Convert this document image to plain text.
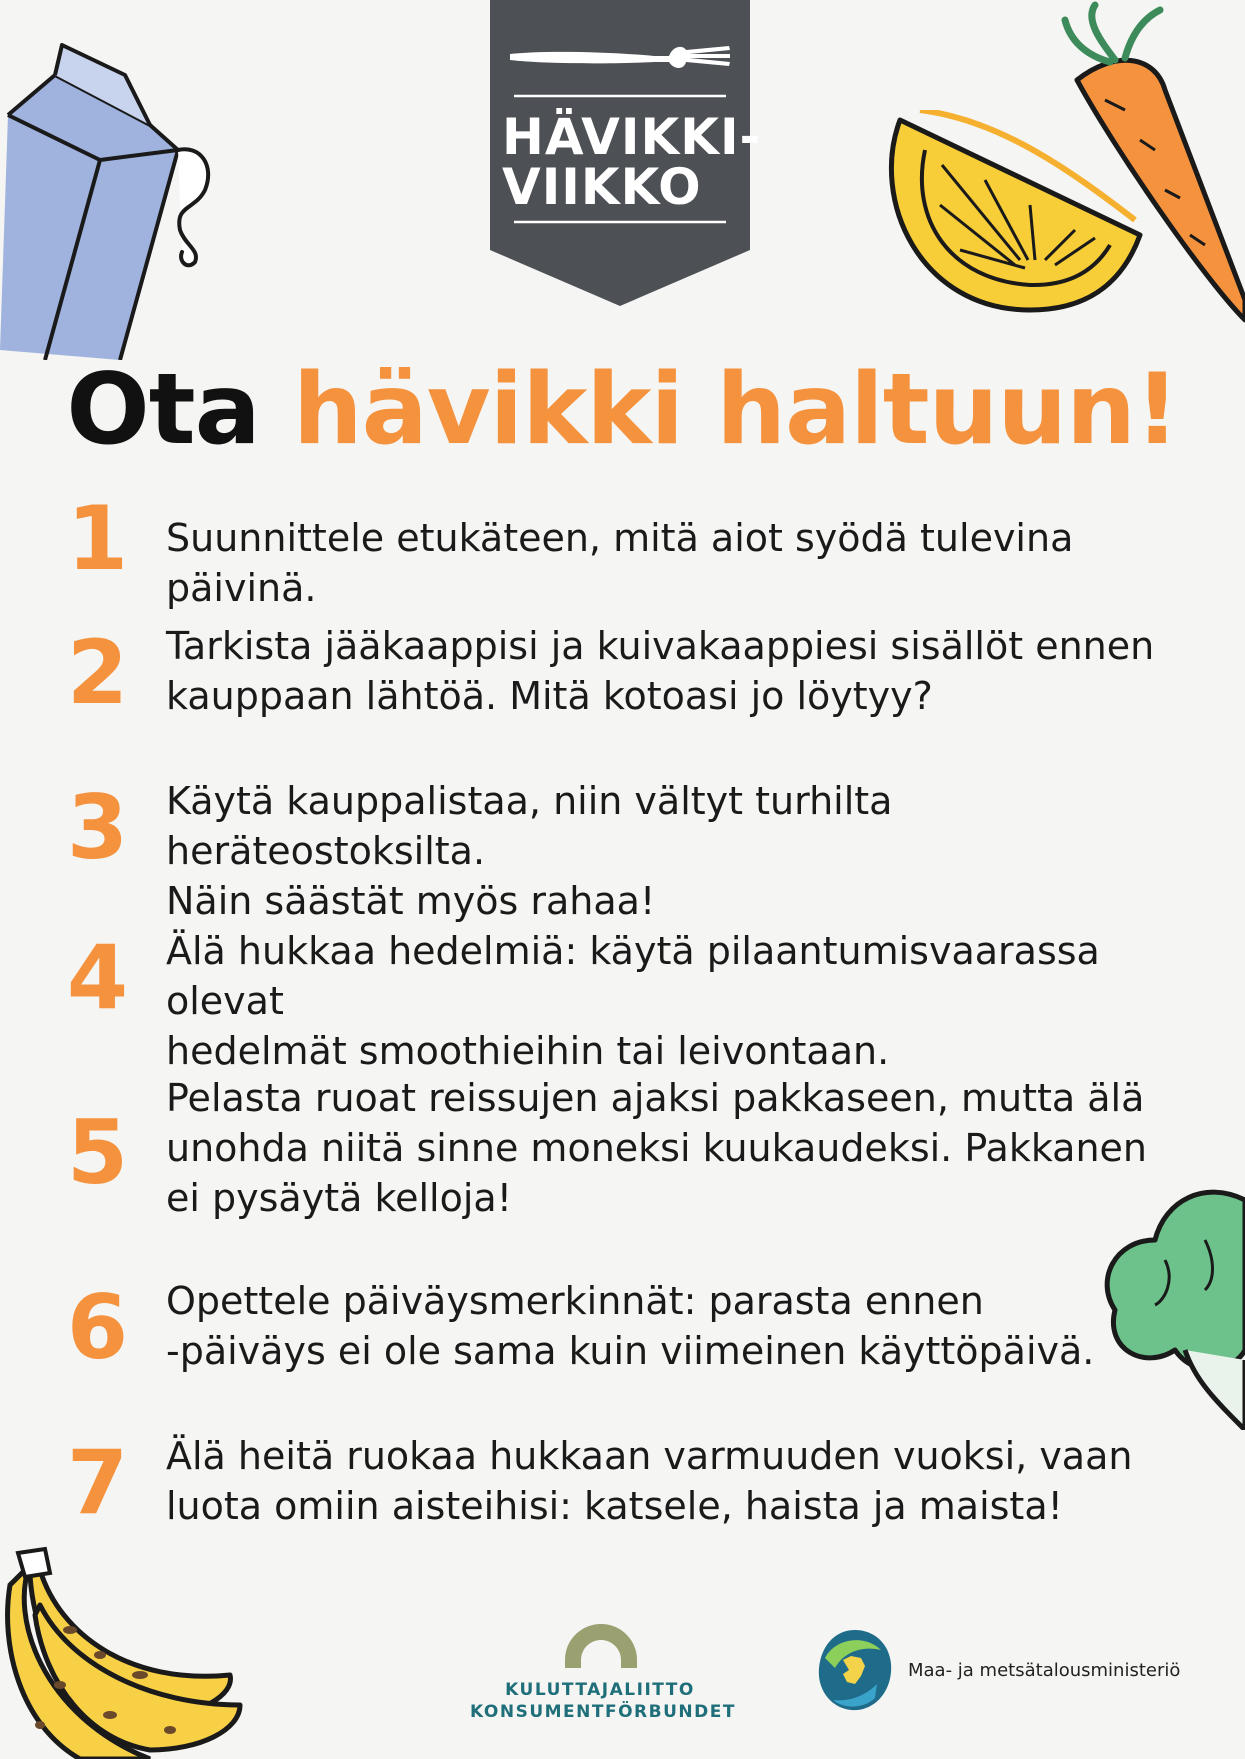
HÄVIKKI-
VIIKKO
Ota hävikki haltuun!
1 Suunnittele etukäteen, mitä aiot syödä tulevina päivinä.
2 Tarkista jääkaappisi ja kuivakaappiesi sisällöt ennen
kauppaan lähtöä. Mitä kotoasi jo löytyy?
3 Käytä kauppalistaa, niin vältyt turhilta heräteostoksilta.
Näin säästät myös rahaa!
4 Älä hukkaa hedelmiä: käytä pilaantumisvaarassa olevat
hedelmät smoothieihin tai leivontaan.
5
Pelasta ruoat reissujen ajaksi pakkaseen, mutta älä
unohda niitä sinne moneksi kuukaudeksi. Pakkanen
ei pysäytä kelloja!
6 Opettele päiväysmerkinnät: parasta ennen
-päiväys ei ole sama kuin viimeinen käyttöpäivä.
7 Älä heitä ruokaa hukkaan varmuuden vuoksi, vaan
luota omiin aisteihisi: katsele, haista ja maista!
KULUTTAJALIITTO
KONSUMENTFÖRBUNDET
Maa- ja metsätalousministeriö
